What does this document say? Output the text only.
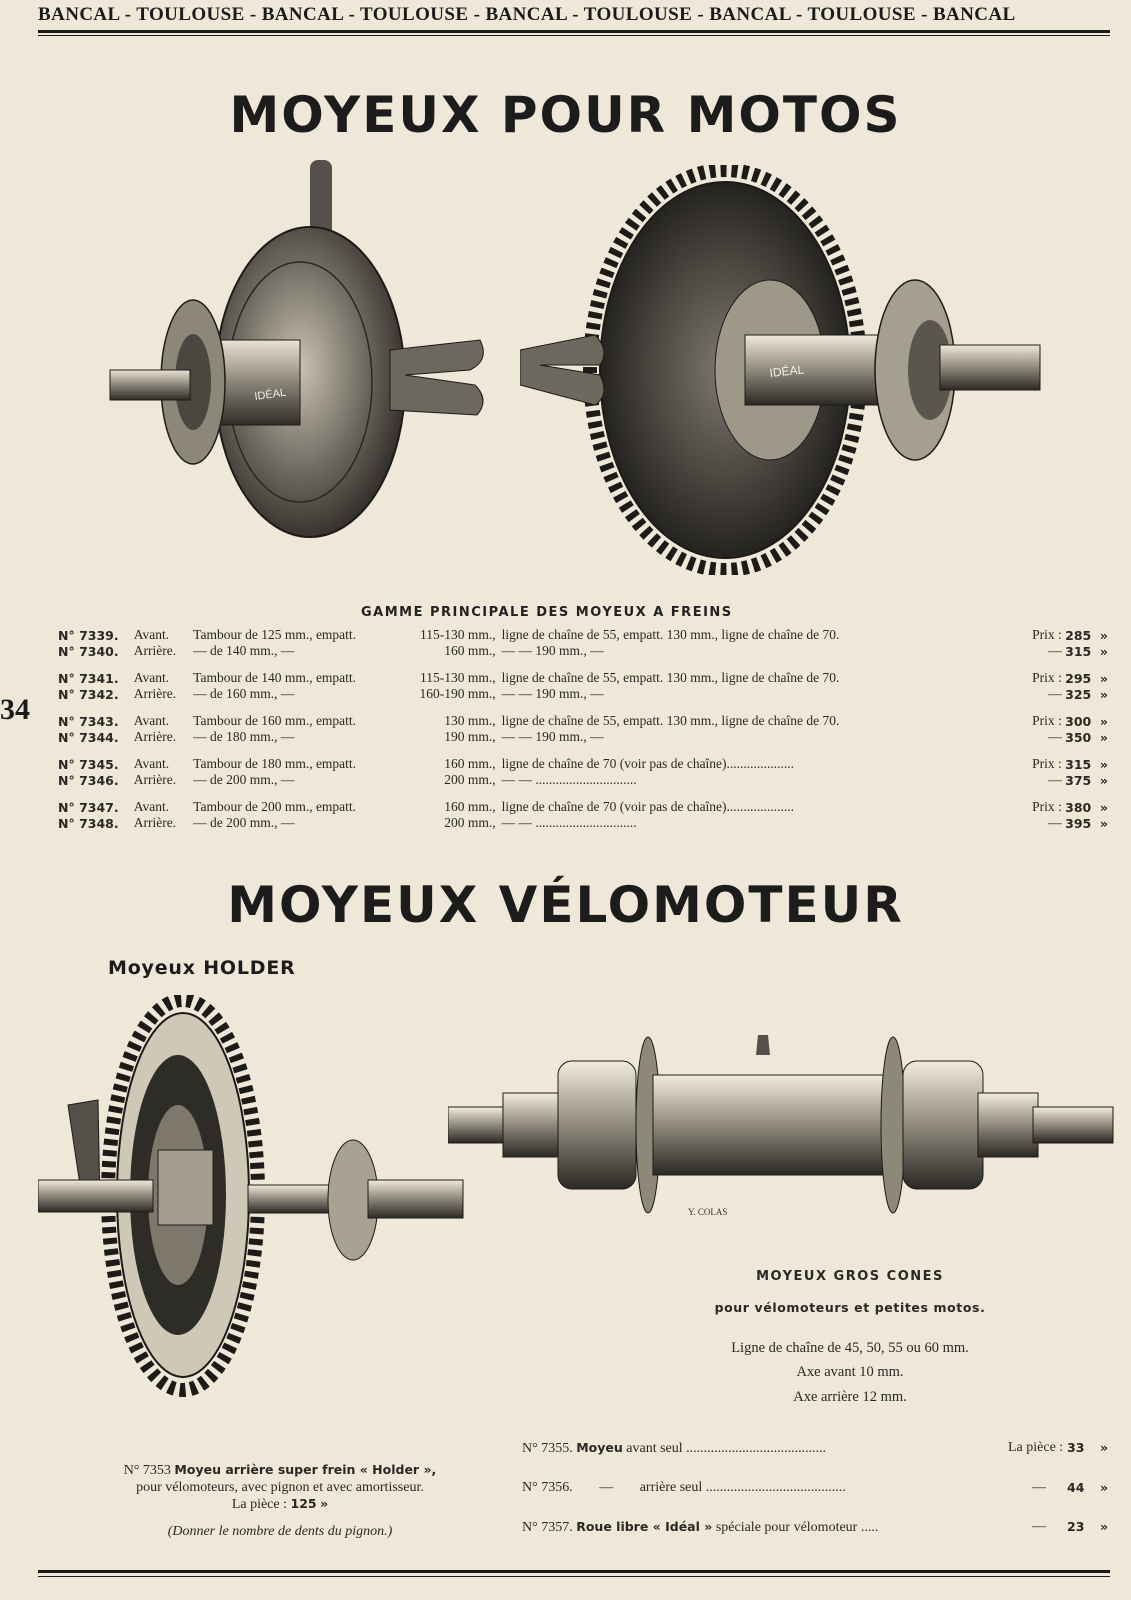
BANCAL - TOULOUSE - BANCAL - TOULOUSE - BANCAL - TOULOUSE - BANCAL - TOULOUSE - BANCAL
34
MOYEUX POUR MOTOS
IDÉAL
IDÉAL
GAMME PRINCIPALE DES MOYEUX A FREINS
N° 7339.	Avant.	Tambour de 125 mm., empatt.	115-130 mm.,	ligne de chaîne de 55, empatt. 130 mm., ligne de chaîne de 70.	Prix :	285	»
N° 7340.	Arrière.	— de 140 mm., —	160 mm.,	— — 190 mm., —	—	315	»

N° 7341.	Avant.	Tambour de 140 mm., empatt.	115-130 mm.,	ligne de chaîne de 55, empatt. 130 mm., ligne de chaîne de 70.	Prix :	295	»
N° 7342.	Arrière.	— de 160 mm., —	160-190 mm.,	— — 190 mm., —	—	325	»

N° 7343.	Avant.	Tambour de 160 mm., empatt.	130 mm.,	ligne de chaîne de 55, empatt. 130 mm., ligne de chaîne de 70.	Prix :	300	»
N° 7344.	Arrière.	— de 180 mm., —	190 mm.,	— — 190 mm., —	—	350	»

N° 7345.	Avant.	Tambour de 180 mm., empatt.	160 mm.,	ligne de chaîne de 70 (voir pas de chaîne)....................	Prix :	315	»
N° 7346.	Arrière.	— de 200 mm., —	200 mm.,	— — ..............................	—	375	»

N° 7347.	Avant.	Tambour de 200 mm., empatt.	160 mm.,	ligne de chaîne de 70 (voir pas de chaîne)....................	Prix :	380	»
N° 7348.	Arrière.	— de 200 mm., —	200 mm.,	— — ..............................	—	395	»
MOYEUX VÉLOMOTEUR
Moyeux HOLDER
Y. COLAS
MOYEUX GROS CONES
pour vélomoteurs et petites motos.
Ligne de chaîne de 45, 50, 55 ou 60 mm.
Axe avant 10 mm.
Axe arrière 12 mm.
N° 7353 Moyeu arrière super frein « Holder »,
pour vélomoteurs, avec pignon et avec amortisseur.
La pièce : 125 »
(Donner le nombre de dents du pignon.)
N° 7355. Moyeu avant seul ........................................	La pièce : 33 »
N° 7356. — arrière seul ........................................	— 44 »
N° 7357. Roue libre « Idéal » spéciale pour vélomoteur .....	— 23 »
